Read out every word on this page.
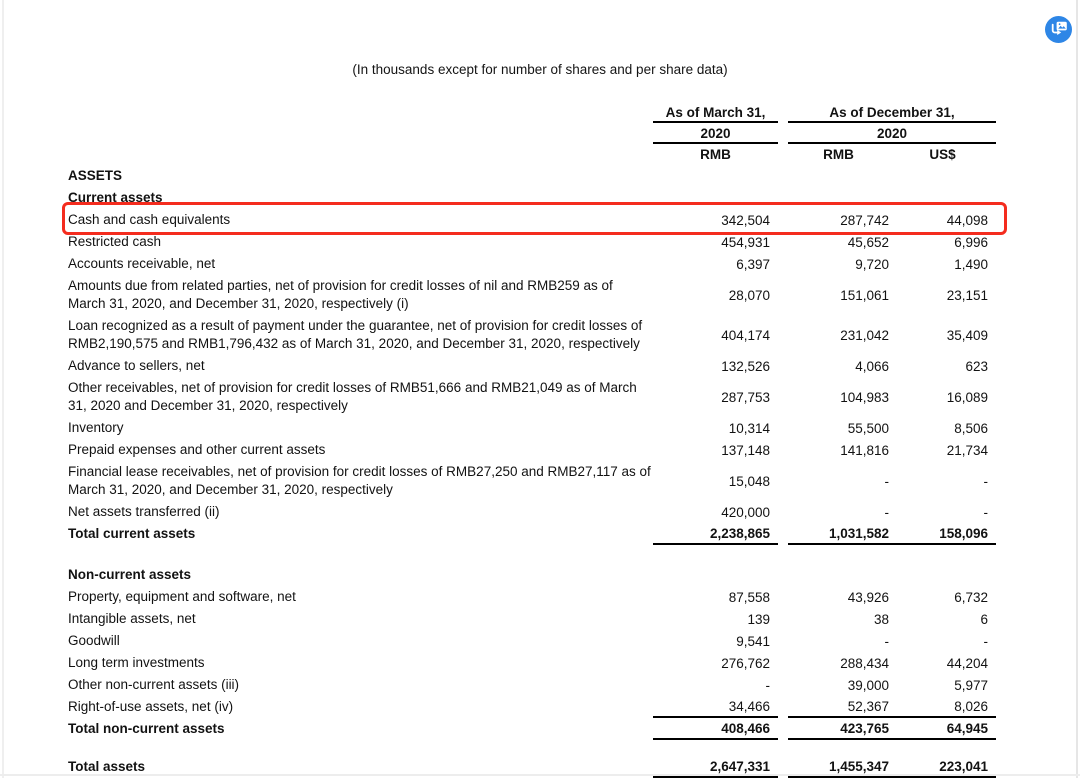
(In thousands except for number of shares and per share data)
As of March 31,	As of December 31,
2020	2020
RMB	RMB	US$
ASSETS
Current assets
Cash and cash equivalents	342,504	287,742	44,098
Restricted cash	454,931	45,652	6,996
Accounts receivable, net	6,397	9,720	1,490
Amounts due from related parties, net of provision for credit losses of nil and RMB259 as of March 31, 2020, and December 31, 2020, respectively (i)
28,070	151,061	23,151
Loan recognized as a result of payment under the guarantee, net of provision for credit losses of RMB2,190,575 and RMB1,796,432 as of March 31, 2020, and December 31, 2020, respectively
404,174	231,042	35,409
Advance to sellers, net	132,526	4,066	623
Other receivables, net of provision for credit losses of RMB51,666 and RMB21,049 as of March 31, 2020 and December 31, 2020, respectively
287,753	104,983	16,089
Inventory	10,314	55,500	8,506
Prepaid expenses and other current assets	137,148	141,816	21,734
Financial lease receivables, net of provision for credit losses of RMB27,250 and RMB27,117 as of March 31, 2020, and December 31, 2020, respectively
15,048	-	-
Net assets transferred (ii)	420,000	-	-
Total current assets	2,238,865	1,031,582	158,096
Non-current assets
Property, equipment and software, net	87,558	43,926	6,732
Intangible assets, net	139	38	6
Goodwill	9,541	-	-
Long term investments	276,762	288,434	44,204
Other non-current assets (iii)	-	39,000	5,977
Right-of-use assets, net (iv)	34,466	52,367	8,026
Total non-current assets	408,466	423,765	64,945
Total assets	2,647,331	1,455,347	223,041
